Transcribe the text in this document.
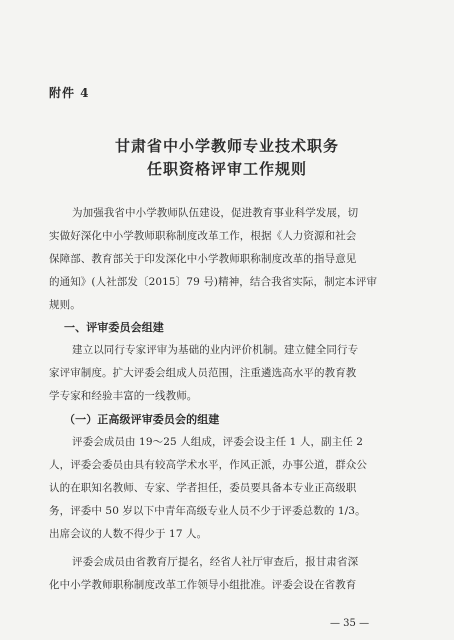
附件 4
甘肃省中小学教师专业技术职务
任职资格评审工作规则
为加强我省中小学教师队伍建设，促进教育事业科学发展，切
实做好深化中小学教师职称制度改革工作，根据《人力资源和社会
保障部、教育部关于印发深化中小学教师职称制度改革的指导意见
的通知》(人社部发〔2015〕79 号)精神，结合我省实际，制定本评审
规则。
一、评审委员会组建
建立以同行专家评审为基础的业内评价机制。建立健全同行专
家评审制度。扩大评委会组成人员范围，注重遴选高水平的教育教
学专家和经验丰富的一线教师。
（一）正高级评审委员会的组建
评委会成员由 19～25 人组成，评委会设主任 1 人，副主任 2
人，评委会委员由具有较高学术水平，作风正派，办事公道，群众公
认的在职知名教师、专家、学者担任，委员要具备本专业正高级职
务，评委中 50 岁以下中青年高级专业人员不少于评委总数的 1/3。
出席会议的人数不得少于 17 人。
评委会成员由省教育厅提名，经省人社厅审查后，报甘肃省深
化中小学教师职称制度改革工作领导小组批准。评委会设在省教育
— 35 —
